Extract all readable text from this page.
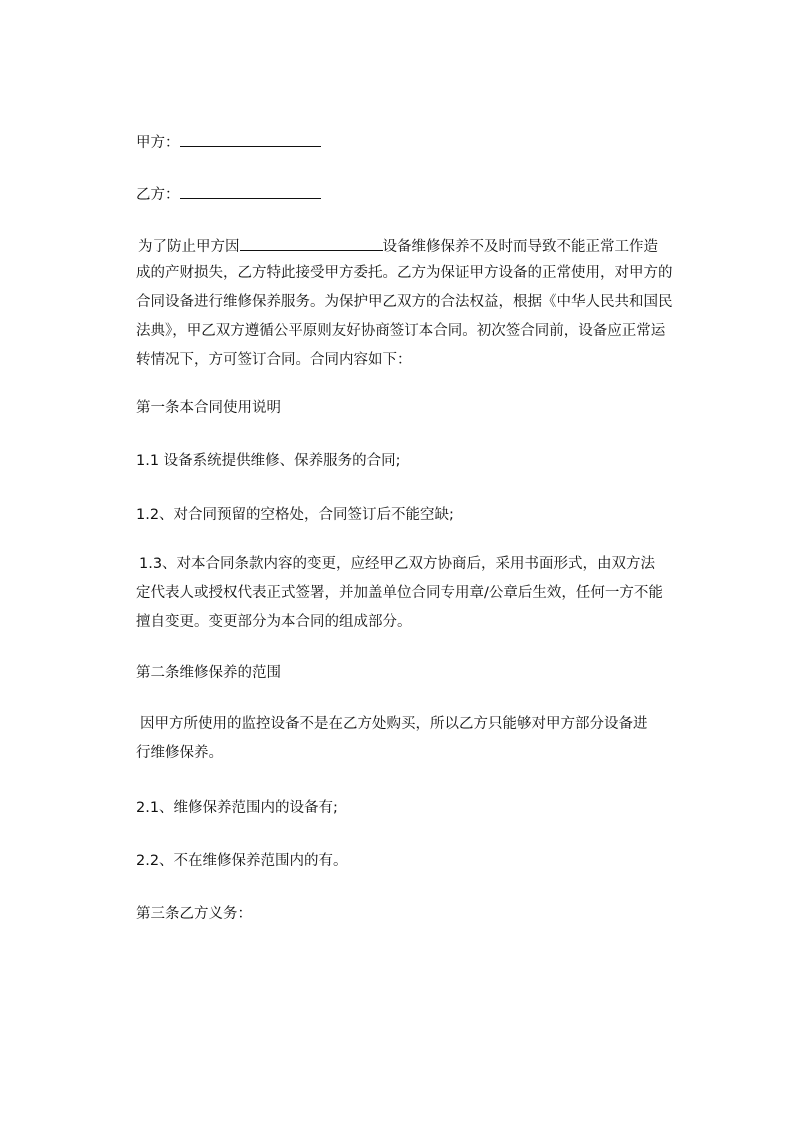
甲方：
乙方：
为了防止甲方因	设备维修保养不及时而导致不能正常工作造
成的产财损失，乙方特此接受甲方委托。乙方为保证甲方设备的正常使用，对甲方的
合同设备进行维修保养服务。为保护甲乙双方的合法权益，根据《中华人民共和国民
法典》，甲乙双方遵循公平原则友好协商签订本合同。初次签合同前，设备应正常运
转情况下，方可签订合同。合同内容如下：
第一条本合同使用说明
1.1 设备系统提供维修、保养服务的合同;
1.2、对合同预留的空格处，合同签订后不能空缺;
1.3、对本合同条款内容的变更，应经甲乙双方协商后，采用书面形式，由双方法
定代表人或授权代表正式签署，并加盖单位合同专用章/公章后生效，任何一方不能
擅自变更。变更部分为本合同的组成部分。
第二条维修保养的范围
因甲方所使用的监控设备不是在乙方处购买，所以乙方只能够对甲方部分设备进
行维修保养。
2.1、维修保养范围内的设备有;
2.2、不在维修保养范围内的有。
第三条乙方义务：
